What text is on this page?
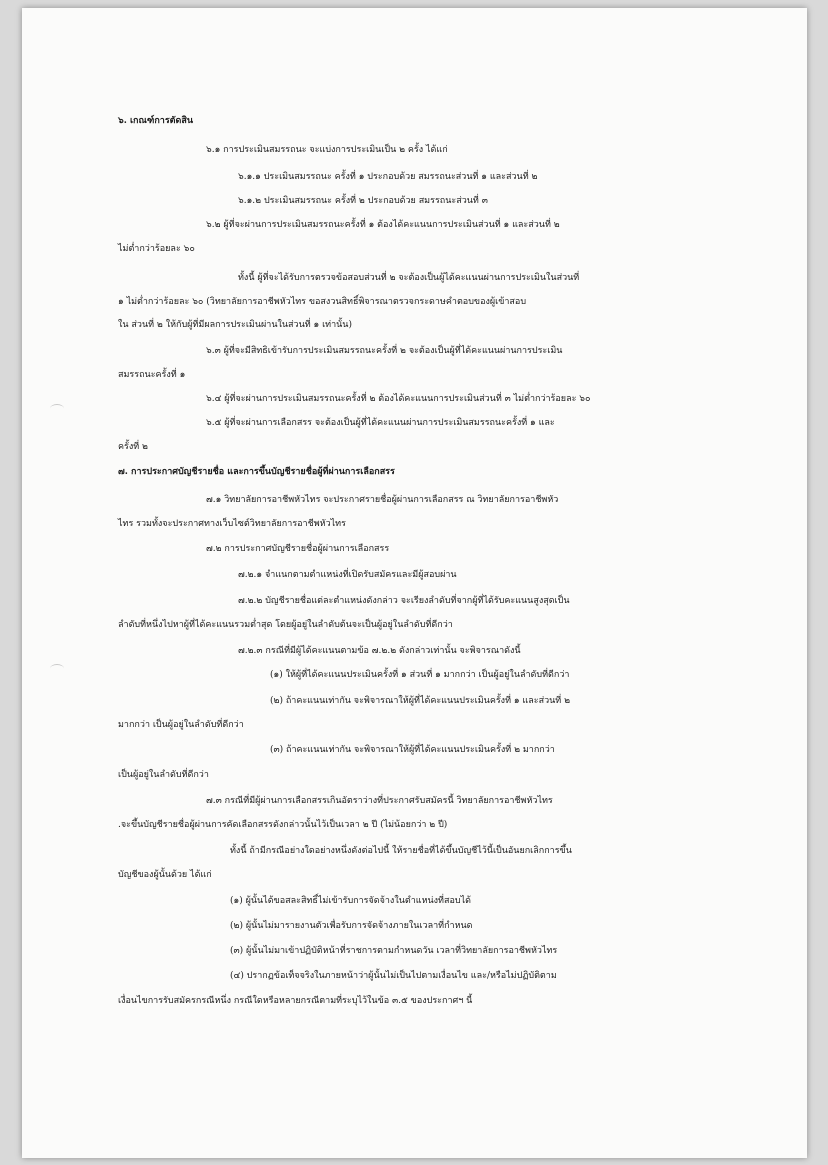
๖. เกณฑ์การตัดสิน
๖.๑ การประเมินสมรรถนะ จะแบ่งการประเมินเป็น ๒ ครั้ง ได้แก่
๖.๑.๑ ประเมินสมรรถนะ ครั้งที่ ๑ ประกอบด้วย สมรรถนะส่วนที่ ๑ และส่วนที่ ๒
๖.๑.๒ ประเมินสมรรถนะ ครั้งที่ ๒ ประกอบด้วย สมรรถนะส่วนที่ ๓
๖.๒ ผู้ที่จะผ่านการประเมินสมรรถนะครั้งที่ ๑ ต้องได้คะแนนการประเมินส่วนที่ ๑ และส่วนที่ ๒
ไม่ต่ำกว่าร้อยละ ๖๐
ทั้งนี้ ผู้ที่จะได้รับการตรวจข้อสอบส่วนที่ ๒ จะต้องเป็นผู้ได้คะแนนผ่านการประเมินในส่วนที่
๑ ไม่ต่ำกว่าร้อยละ ๖๐ (วิทยาลัยการอาชีพหัวไทร ขอสงวนสิทธิ์พิจารณาตรวจกระดาษคำตอบของผู้เข้าสอบ
ใน ส่วนที่ ๒ ให้กับผู้ที่มีผลการประเมินผ่านในส่วนที่ ๑ เท่านั้น)
๖.๓ ผู้ที่จะมีสิทธิเข้ารับการประเมินสมรรถนะครั้งที่ ๒ จะต้องเป็นผู้ที่ได้คะแนนผ่านการประเมิน
สมรรถนะครั้งที่ ๑
๖.๔ ผู้ที่จะผ่านการประเมินสมรรถนะครั้งที่ ๒ ต้องได้คะแนนการประเมินส่วนที่ ๓ ไม่ต่ำกว่าร้อยละ ๖๐
๖.๕ ผู้ที่จะผ่านการเลือกสรร จะต้องเป็นผู้ที่ได้คะแนนผ่านการประเมินสมรรถนะครั้งที่ ๑ และ
ครั้งที่ ๒
๗. การประกาศบัญชีรายชื่อ และการขึ้นบัญชีรายชื่อผู้ที่ผ่านการเลือกสรร
๗.๑ วิทยาลัยการอาชีพหัวไทร จะประกาศรายชื่อผู้ผ่านการเลือกสรร ณ วิทยาลัยการอาชีพหัว
ไทร รวมทั้งจะประกาศทางเว็บไซต์วิทยาลัยการอาชีพหัวไทร
๗.๒ การประกาศบัญชีรายชื่อผู้ผ่านการเลือกสรร
๗.๒.๑ จำแนกตามตำแหน่งที่เปิดรับสมัครและมีผู้สอบผ่าน
๗.๒.๒ บัญชีรายชื่อแต่ละตำแหน่งดังกล่าว จะเรียงลำดับที่จากผู้ที่ได้รับคะแนนสูงสุดเป็น
ลำดับที่หนึ่งไปหาผู้ที่ได้คะแนนรวมต่ำสุด โดยผู้อยู่ในลำดับต้นจะเป็นผู้อยู่ในลำดับที่ดีกว่า
๗.๒.๓ กรณีที่มีผู้ได้คะแนนตามข้อ ๗.๒.๒ ดังกล่าวเท่านั้น จะพิจารณาดังนี้
(๑) ให้ผู้ที่ได้คะแนนประเมินครั้งที่ ๑ ส่วนที่ ๑ มากกว่า เป็นผู้อยู่ในลำดับที่ดีกว่า
(๒) ถ้าคะแนนเท่ากัน จะพิจารณาให้ผู้ที่ได้คะแนนประเมินครั้งที่ ๑ และส่วนที่ ๒
มากกว่า เป็นผู้อยู่ในลำดับที่ดีกว่า
(๓) ถ้าคะแนนเท่ากัน จะพิจารณาให้ผู้ที่ได้คะแนนประเมินครั้งที่ ๒ มากกว่า
เป็นผู้อยู่ในลำดับที่ดีกว่า
๗.๓ กรณีที่มีผู้ผ่านการเลือกสรรเกินอัตราว่างที่ประกาศรับสมัครนี้ วิทยาลัยการอาชีพหัวไทร
.จะขึ้นบัญชีรายชื่อผู้ผ่านการคัดเลือกสรรดังกล่าวนั้นไว้เป็นเวลา ๒ ปี (ไม่น้อยกว่า ๒ ปี)
ทั้งนี้ ถ้ามีกรณีอย่างใดอย่างหนึ่งดังต่อไปนี้ ให้รายชื่อที่ได้ขึ้นบัญชีไว้นี้เป็นอันยกเลิกการขึ้น
บัญชีของผู้นั้นด้วย ได้แก่
(๑) ผู้นั้นได้ขอสละสิทธิ์ไม่เข้ารับการจัดจ้างในตำแหน่งที่สอบได้
(๒) ผู้นั้นไม่มารายงานตัวเพื่อรับการจัดจ้างภายในเวลาที่กำหนด
(๓) ผู้นั้นไม่มาเข้าปฏิบัติหน้าที่ราชการตามกำหนดวัน เวลาที่วิทยาลัยการอาชีพหัวไทร
(๔) ปรากฏข้อเท็จจริงในภายหน้าว่าผู้นั้นไม่เป็นไปตามเงื่อนไข และ/หรือไม่ปฏิบัติตาม
เงื่อนไขการรับสมัครกรณีหนึ่ง กรณีใดหรือหลายกรณีตามที่ระบุไว้ในข้อ ๓.๕ ของประกาศฯ นี้
